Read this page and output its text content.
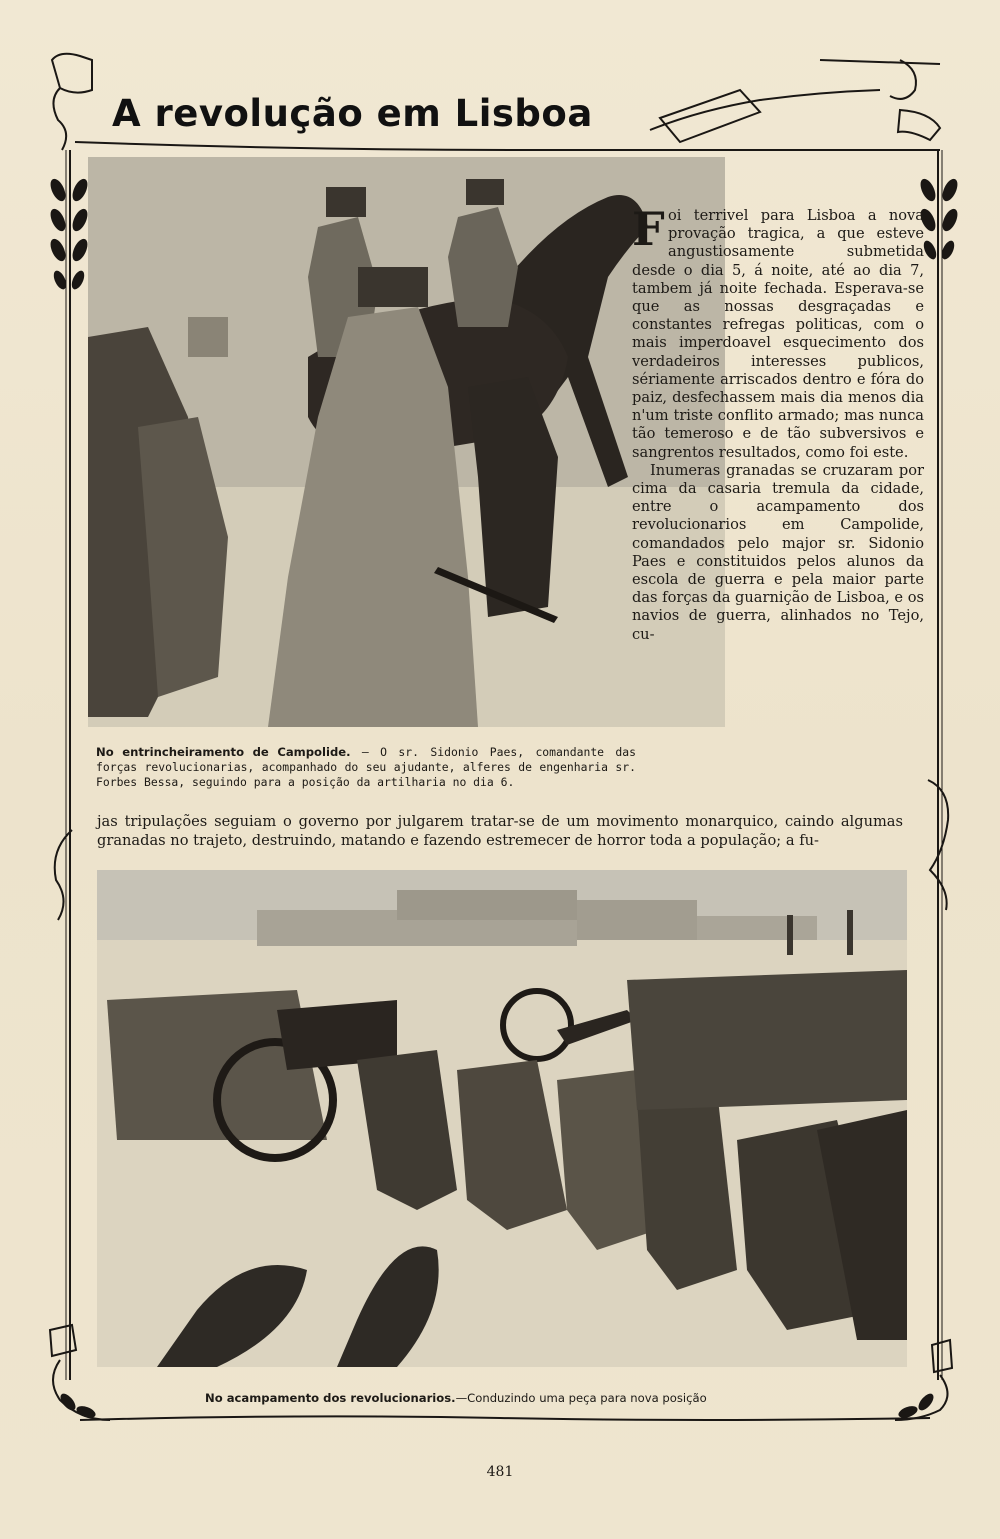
A revolução em Lisboa

No entrincheiramento de Campolide. — O sr. Sidonio Paes, comandante das forças revolucionarias, acompanhado do seu ajudante, alferes de engenharia sr. Forbes Bessa, seguindo para a posição da artilharia no dia 6.

F oi terrivel para Lisboa a nova provação tragica, a que esteve angustiosamente submetida desde o dia 5, á noite, até ao dia 7, tambem já noite fechada. Esperava-se que as nossas desgraçadas e constantes refregas politicas, com o mais imperdoavel esquecimento dos verdadeiros interesses publicos, sériamente arriscados dentro e fóra do paiz, desfechassem mais dia menos dia n'um triste conflito armado; mas nunca tão temeroso e de tão subversivos e sangrentos resultados, como foi este.

Inumeras granadas se cruzaram por cima da casaria tremula da cidade, entre o acampamento dos revolucionarios em Campolide, comandados pelo major sr. Sidonio Paes e constituidos pelos alunos da escola de guerra e pela maior parte das forças da guarnição de Lisboa, e os navios de guerra, alinhados no Tejo, cu-

jas tripulações seguiam o governo por julgarem tratar-se de um movimento monarquico, caindo algumas granadas no trajeto, destruindo, matando e fazendo estremecer de horror toda a população; a fu-

No acampamento dos revolucionarios.—Conduzindo uma peça para nova posição

481
